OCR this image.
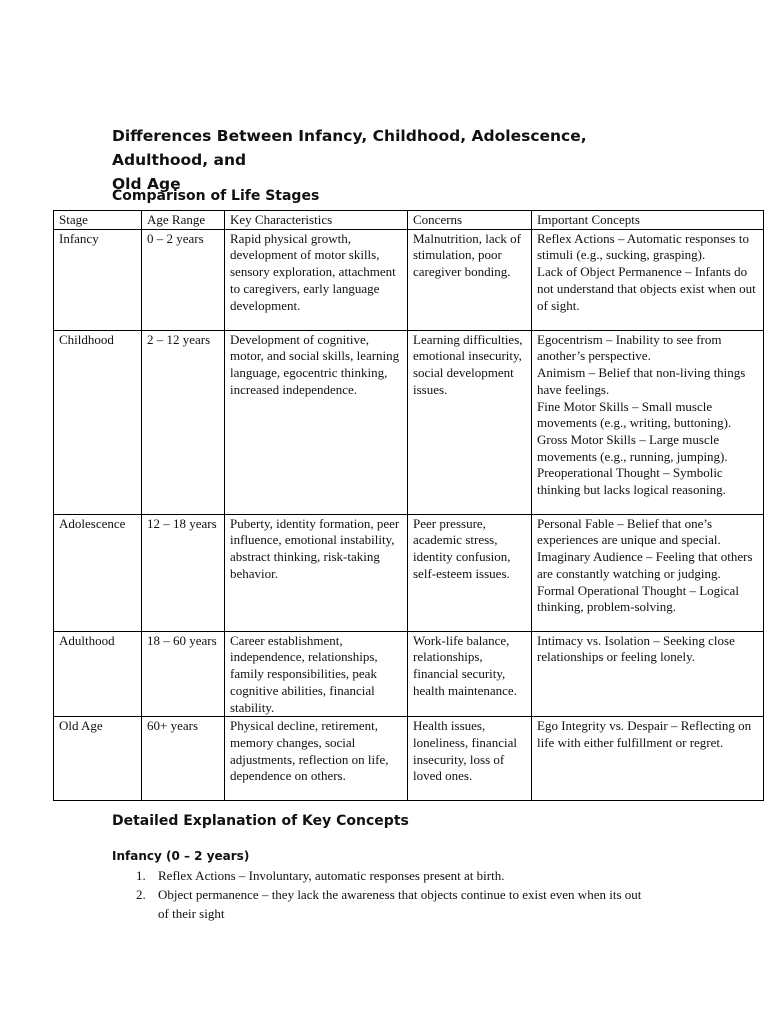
Differences Between Infancy, Childhood, Adolescence, Adulthood, and
Old Age
Comparison of Life Stages
Stage	Age Range	Key Characteristics	Concerns	Important Concepts
Infancy	0 – 2 years	Rapid physical growth, development of motor skills, sensory exploration, attachment to caregivers, early language development.	Malnutrition, lack of stimulation, poor caregiver bonding.	Reflex Actions – Automatic responses to stimuli (e.g., sucking, grasping).
Lack of Object Permanence – Infants do not understand that objects exist when out of sight.

Childhood	2 – 12 years	Development of cognitive, motor, and social skills, learning language, egocentric thinking, increased independence.	Learning difficulties, emotional insecurity, social development issues.	Egocentrism – Inability to see from another’s perspective.
Animism – Belief that non-living things have feelings.
Fine Motor Skills – Small muscle movements (e.g., writing, buttoning).
Gross Motor Skills – Large muscle movements (e.g., running, jumping).
Preoperational Thought – Symbolic thinking but lacks logical reasoning.

Adolescence	12 – 18 years	Puberty, identity formation, peer influence, emotional instability, abstract thinking, risk-taking behavior.	Peer pressure, academic stress, identity confusion, self-esteem issues.	Personal Fable – Belief that one’s experiences are unique and special.
Imaginary Audience – Feeling that others are constantly watching or judging.
Formal Operational Thought – Logical thinking, problem-solving.

Adulthood	18 – 60 years	Career establishment, independence, relationships, family responsibilities, peak cognitive abilities, financial stability.	Work-life balance, relationships, financial security, health maintenance.	Intimacy vs. Isolation – Seeking close relationships or feeling lonely.

Old Age	60+ years	Physical decline, retirement, memory changes, social adjustments, reflection on life, dependence on others.	Health issues, loneliness, financial insecurity, loss of loved ones.	Ego Integrity vs. Despair – Reflecting on life with either fulfillment or regret.
Detailed Explanation of Key Concepts
Infancy (0 – 2 years)
1. Reflex Actions – Involuntary, automatic responses present at birth.
2. Object permanence – they lack the awareness that objects continue to exist even when its out of their sight
